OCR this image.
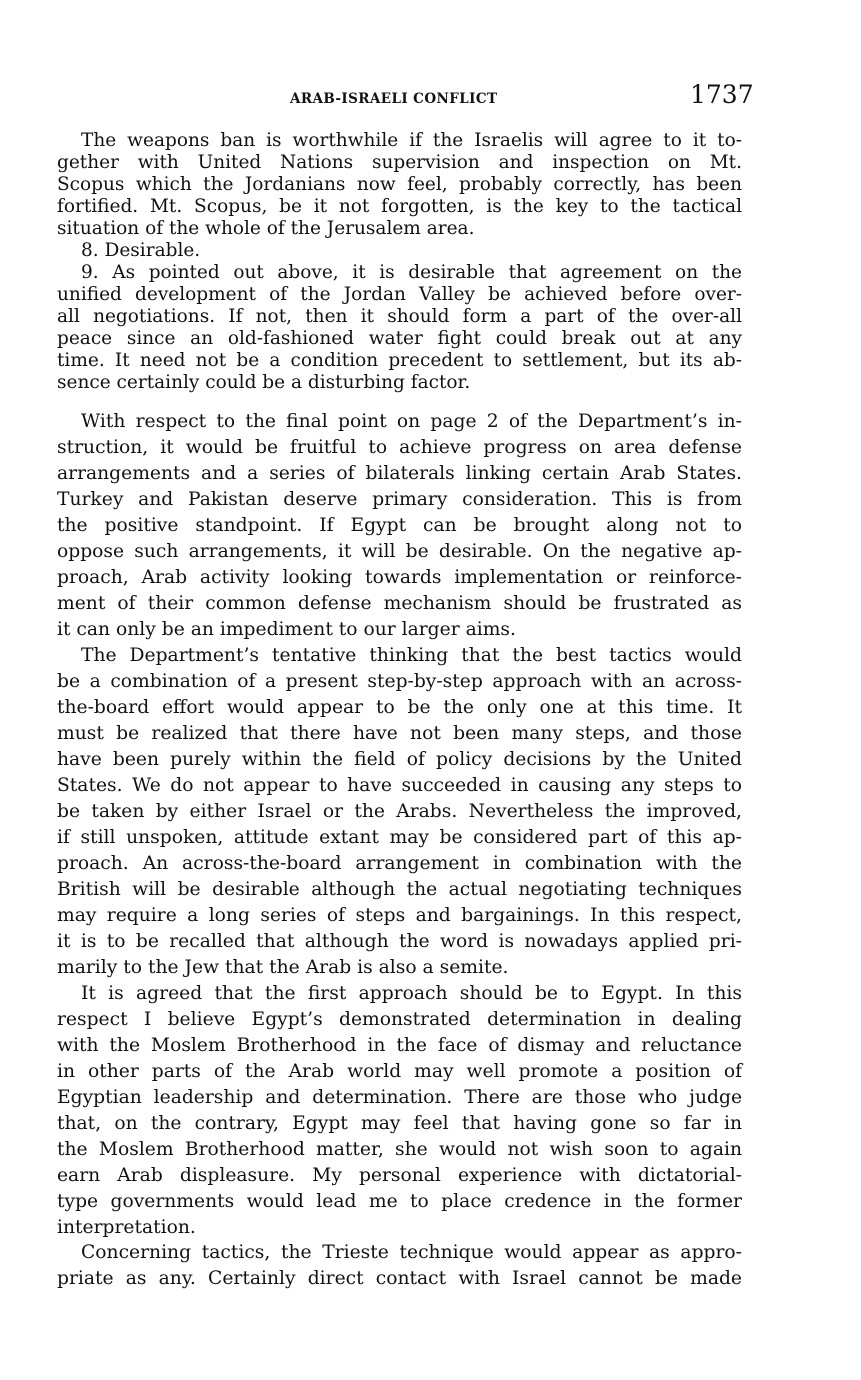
ARAB-ISRAELI CONFLICT	1737
The weapons ban is worthwhile if the Israelis will agree to it to-
gether with United Nations supervision and inspection on Mt.
Scopus which the Jordanians now feel, probably correctly, has been
fortified. Mt. Scopus, be it not forgotten, is the key to the tactical
situation of the whole of the Jerusalem area.
8. Desirable.
9. As pointed out above, it is desirable that agreement on the
unified development of the Jordan Valley be achieved before over-
all negotiations. If not, then it should form a part of the over-all
peace since an old-fashioned water fight could break out at any
time. It need not be a condition precedent to settlement, but its ab-
sence certainly could be a disturbing factor.
With respect to the final point on page 2 of the Department’s in-
struction, it would be fruitful to achieve progress on area defense
arrangements and a series of bilaterals linking certain Arab States.
Turkey and Pakistan deserve primary consideration. This is from
the positive standpoint. If Egypt can be brought along not to
oppose such arrangements, it will be desirable. On the negative ap-
proach, Arab activity looking towards implementation or reinforce-
ment of their common defense mechanism should be frustrated as
it can only be an impediment to our larger aims.
The Department’s tentative thinking that the best tactics would
be a combination of a present step-by-step approach with an across-
the-board effort would appear to be the only one at this time. It
must be realized that there have not been many steps, and those
have been purely within the field of policy decisions by the United
States. We do not appear to have succeeded in causing any steps to
be taken by either Israel or the Arabs. Nevertheless the improved,
if still unspoken, attitude extant may be considered part of this ap-
proach. An across-the-board arrangement in combination with the
British will be desirable although the actual negotiating techniques
may require a long series of steps and bargainings. In this respect,
it is to be recalled that although the word is nowadays applied pri-
marily to the Jew that the Arab is also a semite.
It is agreed that the first approach should be to Egypt. In this
respect I believe Egypt’s demonstrated determination in dealing
with the Moslem Brotherhood in the face of dismay and reluctance
in other parts of the Arab world may well promote a position of
Egyptian leadership and determination. There are those who judge
that, on the contrary, Egypt may feel that having gone so far in
the Moslem Brotherhood matter, she would not wish soon to again
earn Arab displeasure. My personal experience with dictatorial-
type governments would lead me to place credence in the former
interpretation.
Concerning tactics, the Trieste technique would appear as appro-
priate as any. Certainly direct contact with Israel cannot be made
